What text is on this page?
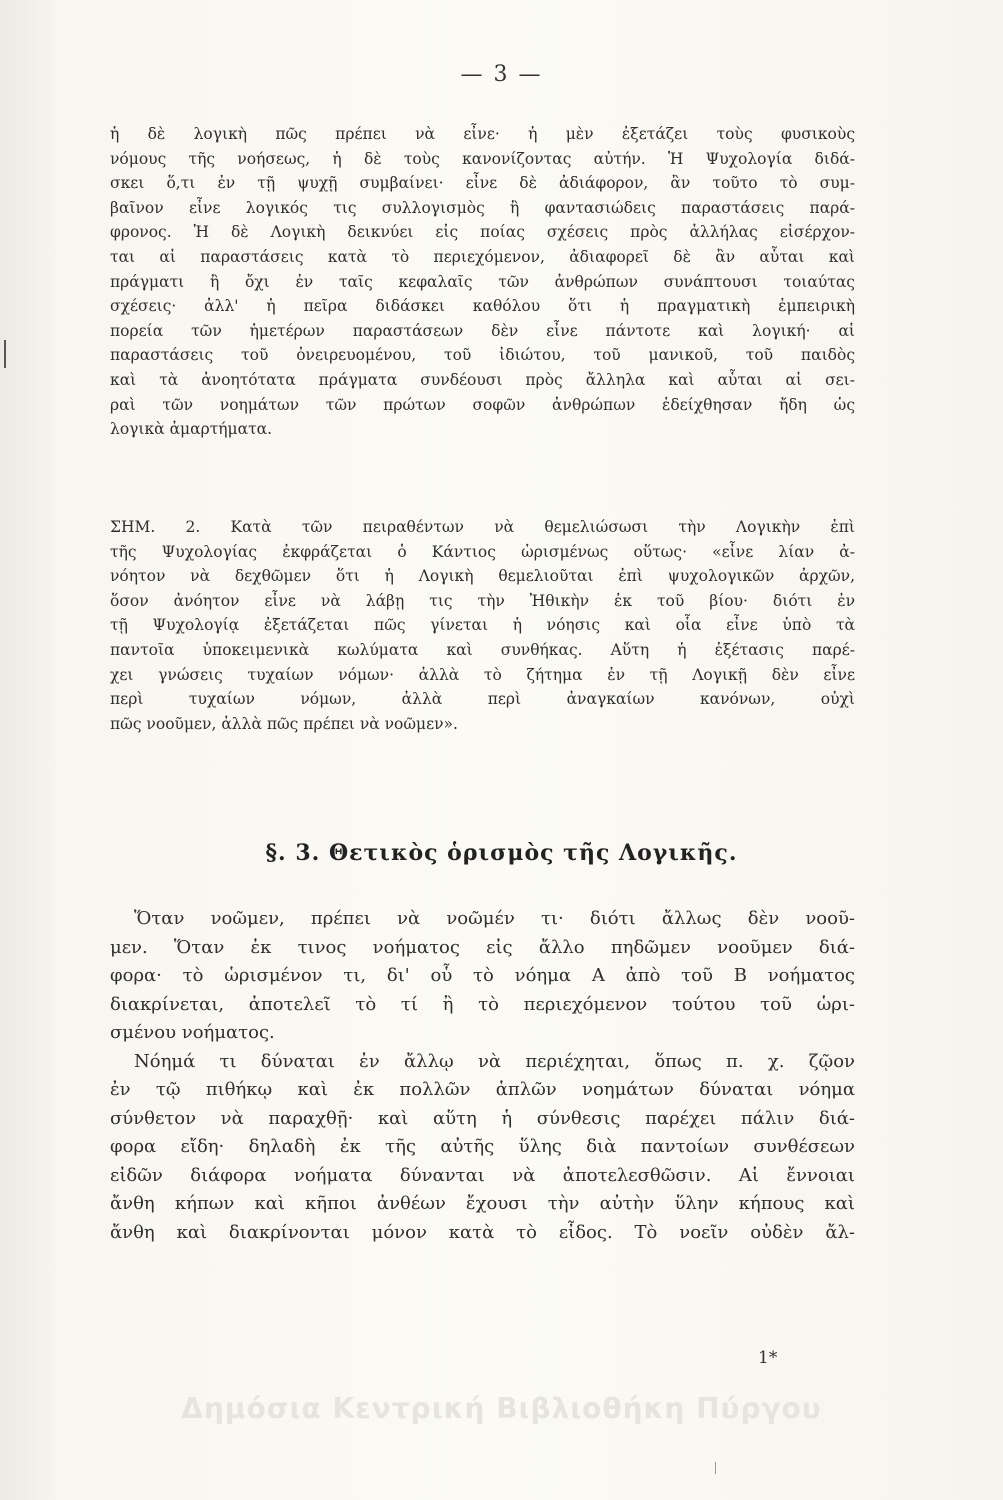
— 3 —
ἡ δὲ λογικὴ πῶς πρέπει νὰ εἶνε· ἡ μὲν ἐξετάζει τοὺς φυσικοὺς
νόμους τῆς νοήσεως, ἡ δὲ τοὺς κανονίζοντας αὐτήν. Ἡ Ψυχολογία διδά-
σκει ὅ,τι ἐν τῇ ψυχῇ συμβαίνει· εἶνε δὲ ἀδιάφορον, ἂν τοῦτο τὸ συμ-
βαῖνον εἶνε λογικός τις συλλογισμὸς ἢ φαντασιώδεις παραστάσεις παρά-
φρονος. Ἡ δὲ Λογικὴ δεικνύει εἰς ποίας σχέσεις πρὸς ἀλλήλας εἰσέρχον-
ται αἱ παραστάσεις κατὰ τὸ περιεχόμενον, ἀδιαφορεῖ δὲ ἂν αὗται καὶ
πράγματι ἢ ὄχι ἐν ταῖς κεφαλαῖς τῶν ἀνθρώπων συνάπτουσι τοιαύτας
σχέσεις· ἀλλ' ἡ πεῖρα διδάσκει καθόλου ὅτι ἡ πραγματικὴ ἐμπειρικὴ
πορεία τῶν ἡμετέρων παραστάσεων δὲν εἶνε πάντοτε καὶ λογική· αἱ
παραστάσεις τοῦ ὀνειρευομένου, τοῦ ἰδιώτου, τοῦ μανικοῦ, τοῦ παιδὸς
καὶ τὰ ἀνοητότατα πράγματα συνδέουσι πρὸς ἄλληλα καὶ αὗται αἱ σει-
ραὶ τῶν νοημάτων τῶν πρώτων σοφῶν ἀνθρώπων ἐδείχθησαν ἤδη ὡς
λογικὰ ἁμαρτήματα.
ΣΗΜ. 2. Κατὰ τῶν πειραθέντων νὰ θεμελιώσωσι τὴν Λογικὴν ἐπὶ
τῆς Ψυχολογίας ἐκφράζεται ὁ Κάντιος ὡρισμένως οὕτως· «εἶνε λίαν ἀ-
νόητον νὰ δεχθῶμεν ὅτι ἡ Λογικὴ θεμελιοῦται ἐπὶ ψυχολογικῶν ἀρχῶν,
ὅσον ἀνόητον εἶνε νὰ λάβῃ τις τὴν Ἠθικὴν ἐκ τοῦ βίου· διότι ἐν
τῇ Ψυχολογίᾳ ἐξετάζεται πῶς γίνεται ἡ νόησις καὶ οἷα εἶνε ὑπὸ τὰ
παντοῖα ὑποκειμενικὰ κωλύματα καὶ συνθήκας. Αὕτη ἡ ἐξέτασις παρέ-
χει γνώσεις τυχαίων νόμων· ἀλλὰ τὸ ζήτημα ἐν τῇ Λογικῇ δὲν εἶνε
περὶ τυχαίων νόμων, ἀλλὰ περὶ ἀναγκαίων κανόνων, οὐχὶ
πῶς νοοῦμεν, ἀλλὰ πῶς πρέπει νὰ νοῶμεν».
§. 3. Θετικὸς ὁρισμὸς τῆς Λογικῆς.
Ὅταν νοῶμεν, πρέπει νὰ νοῶμέν τι· διότι ἄλλως δὲν νοοῦ-
μεν. Ὅταν ἐκ τινος νοήματος εἰς ἄλλο πηδῶμεν νοοῦμεν διά-
φορα· τὸ ὡρισμένον τι, δι' οὗ τὸ νόημα Α ἀπὸ τοῦ Β νοήματος
διακρίνεται, ἀποτελεῖ τὸ τί ἢ τὸ περιεχόμενον τούτου τοῦ ὡρι-
σμένου νοήματος.
Νόημά τι δύναται ἐν ἄλλῳ νὰ περιέχηται, ὅπως π. χ. ζῷον
ἐν τῷ πιθήκῳ καὶ ἐκ πολλῶν ἁπλῶν νοημάτων δύναται νόημα
σύνθετον νὰ παραχθῇ· καὶ αὕτη ἡ σύνθεσις παρέχει πάλιν διά-
φορα εἴδη· δηλαδὴ ἐκ τῆς αὐτῆς ὕλης διὰ παντοίων συνθέσεων
εἰδῶν διάφορα νοήματα δύνανται νὰ ἀποτελεσθῶσιν. Αἱ ἔννοιαι
ἄνθη κήπων καὶ κῆποι ἀνθέων ἔχουσι τὴν αὐτὴν ὕλην κήπους καὶ
ἄνθη καὶ διακρίνονται μόνον κατὰ τὸ εἶδος. Τὸ νοεῖν οὐδὲν ἄλ-
1*
Δημόσια Κεντρική Βιβλιοθήκη Πύργου
